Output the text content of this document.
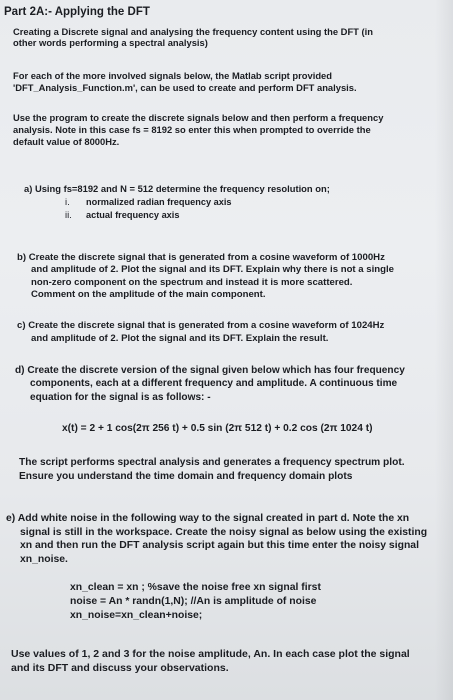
Part 2A:- Applying the DFT
Creating a Discrete signal and analysing the frequency content using the DFT (in
other words performing a spectral analysis)
For each of the more involved signals below, the Matlab script provided
'DFT_Analysis_Function.m', can be used to create and perform DFT analysis.
Use the program to create the discrete signals below and then perform a frequency
analysis. Note in this case fs = 8192 so enter this when prompted to override the
default value of 8000Hz.
a) Using fs=8192 and N = 512 determine the frequency resolution on;
i. normalized radian frequency axis
ii. actual frequency axis
b) Create the discrete signal that is generated from a cosine waveform of 1000Hz
and amplitude of 2. Plot the signal and its DFT. Explain why there is not a single
non-zero component on the spectrum and instead it is more scattered.
Comment on the amplitude of the main component.
c) Create the discrete signal that is generated from a cosine waveform of 1024Hz
and amplitude of 2. Plot the signal and its DFT. Explain the result.
d) Create the discrete version of the signal given below which has four frequency
components, each at a different frequency and amplitude. A continuous time
equation for the signal is as follows: -
x(t) = 2 + 1 cos(2π 256 t) + 0.5 sin (2π 512 t) + 0.2 cos (2π 1024 t)
The script performs spectral analysis and generates a frequency spectrum plot.
Ensure you understand the time domain and frequency domain plots
e) Add white noise in the following way to the signal created in part d. Note the xn
signal is still in the workspace. Create the noisy signal as below using the existing
xn and then run the DFT analysis script again but this time enter the noisy signal
xn_noise.
xn_clean = xn ; %save the noise free xn signal first
noise = An * randn(1,N); //An is amplitude of noise
xn_noise=xn_clean+noise;
Use values of 1, 2 and 3 for the noise amplitude, An. In each case plot the signal
and its DFT and discuss your observations.
